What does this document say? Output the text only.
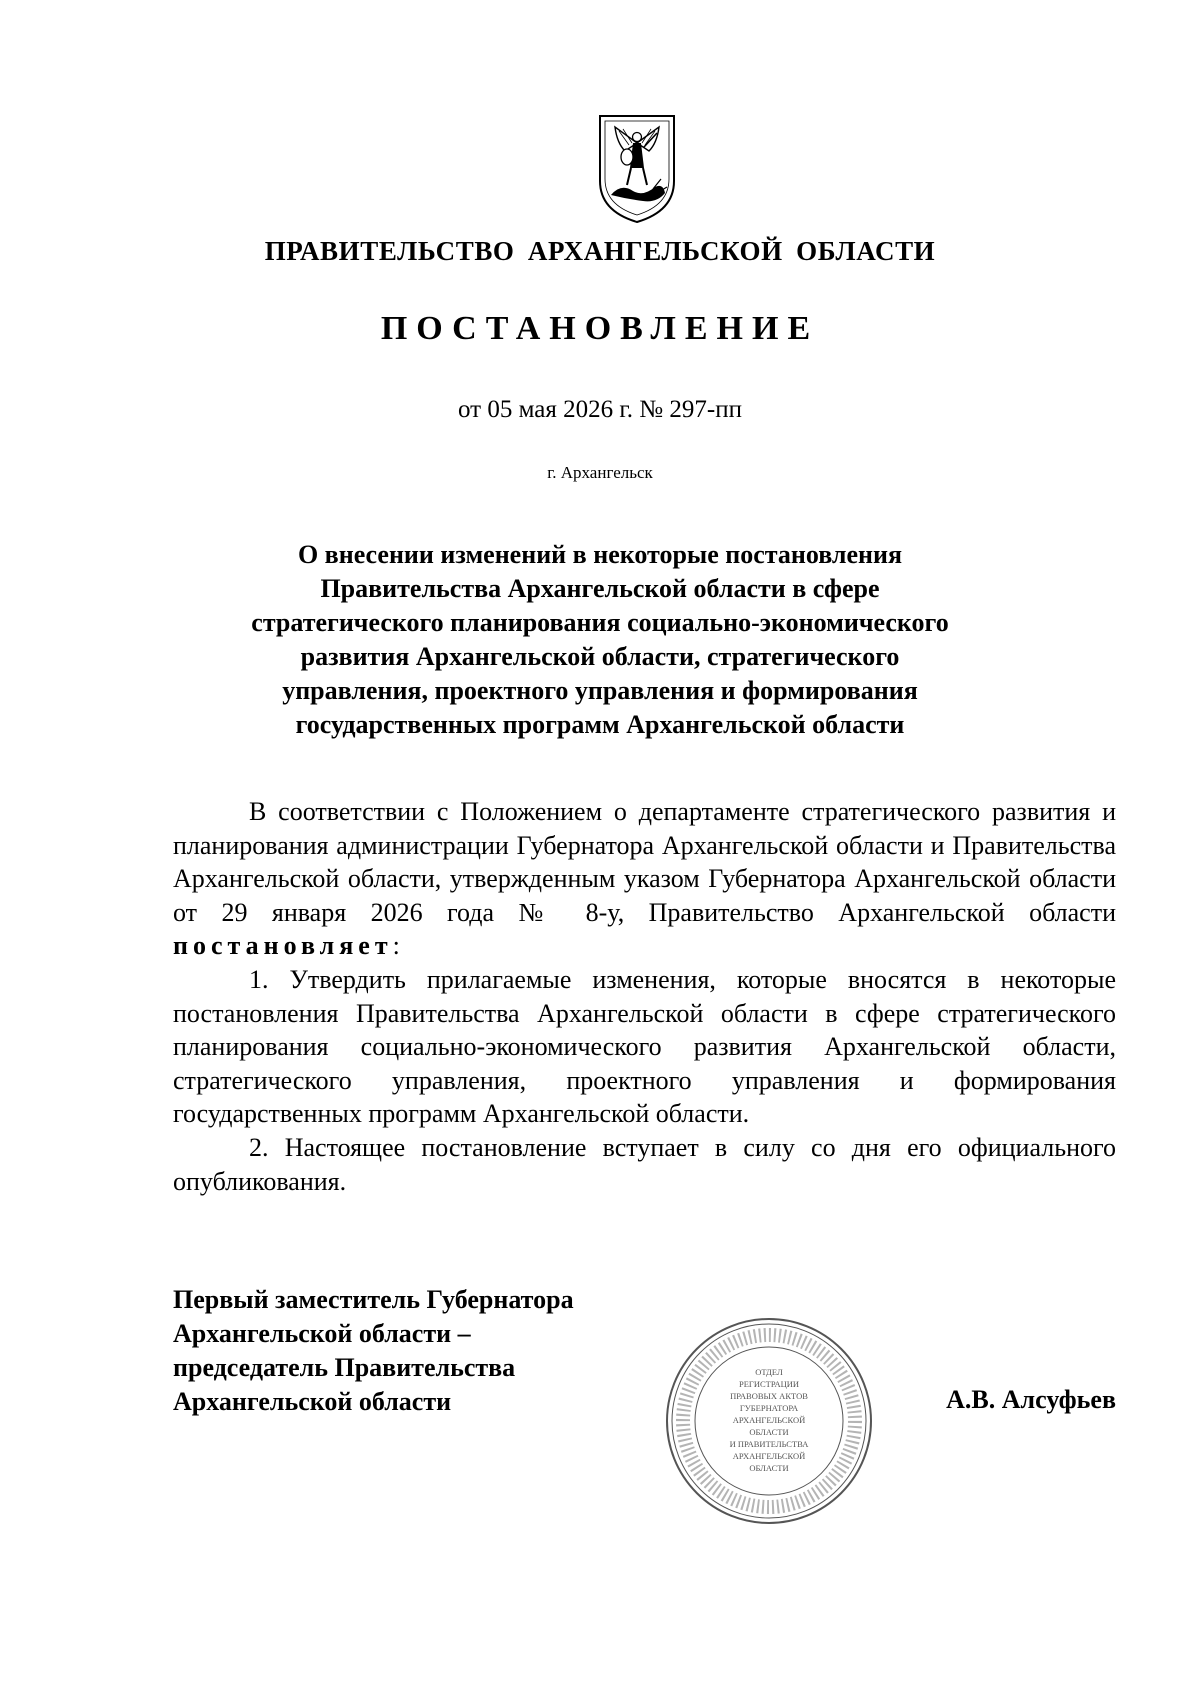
ПРАВИТЕЛЬСТВО АРХАНГЕЛЬСКОЙ ОБЛАСТИ

ПОСТАНОВЛЕНИЕ

от 05 мая 2026 г. № 297-пп

г. Архангельск

О внесении изменений в некоторые постановления
Правительства Архангельской области в сфере
стратегического планирования социально-экономического
развития Архангельской области, стратегического
управления, проектного управления и формирования
государственных программ Архангельской области

В соответствии с Положением о департаменте стратегического развития и планирования администрации Губернатора Архангельской области и Правительства Архангельской области, утвержденным указом Губернатора Архангельской области от 29 января 2026 года № 8-у, Правительство Архангельской области постановляет:

1. Утвердить прилагаемые изменения, которые вносятся в некоторые постановления Правительства Архангельской области в сфере стратегического планирования социально-экономического развития Архангельской области, стратегического управления, проектного управления и формирования государственных программ Архангельской области.

2. Настоящее постановление вступает в силу со дня его официального опубликования.

Первый заместитель Губернатора
Архангельской области –
председатель Правительства
Архангельской области
ОТДЕЛ
РЕГИСТРАЦИИ
ПРАВОВЫХ АКТОВ
ГУБЕРНАТОРА
АРХАНГЕЛЬСКОЙ
ОБЛАСТИ
И ПРАВИТЕЛЬСТВА
АРХАНГЕЛЬСКОЙ
ОБЛАСТИ

А.В. Алсуфьев
